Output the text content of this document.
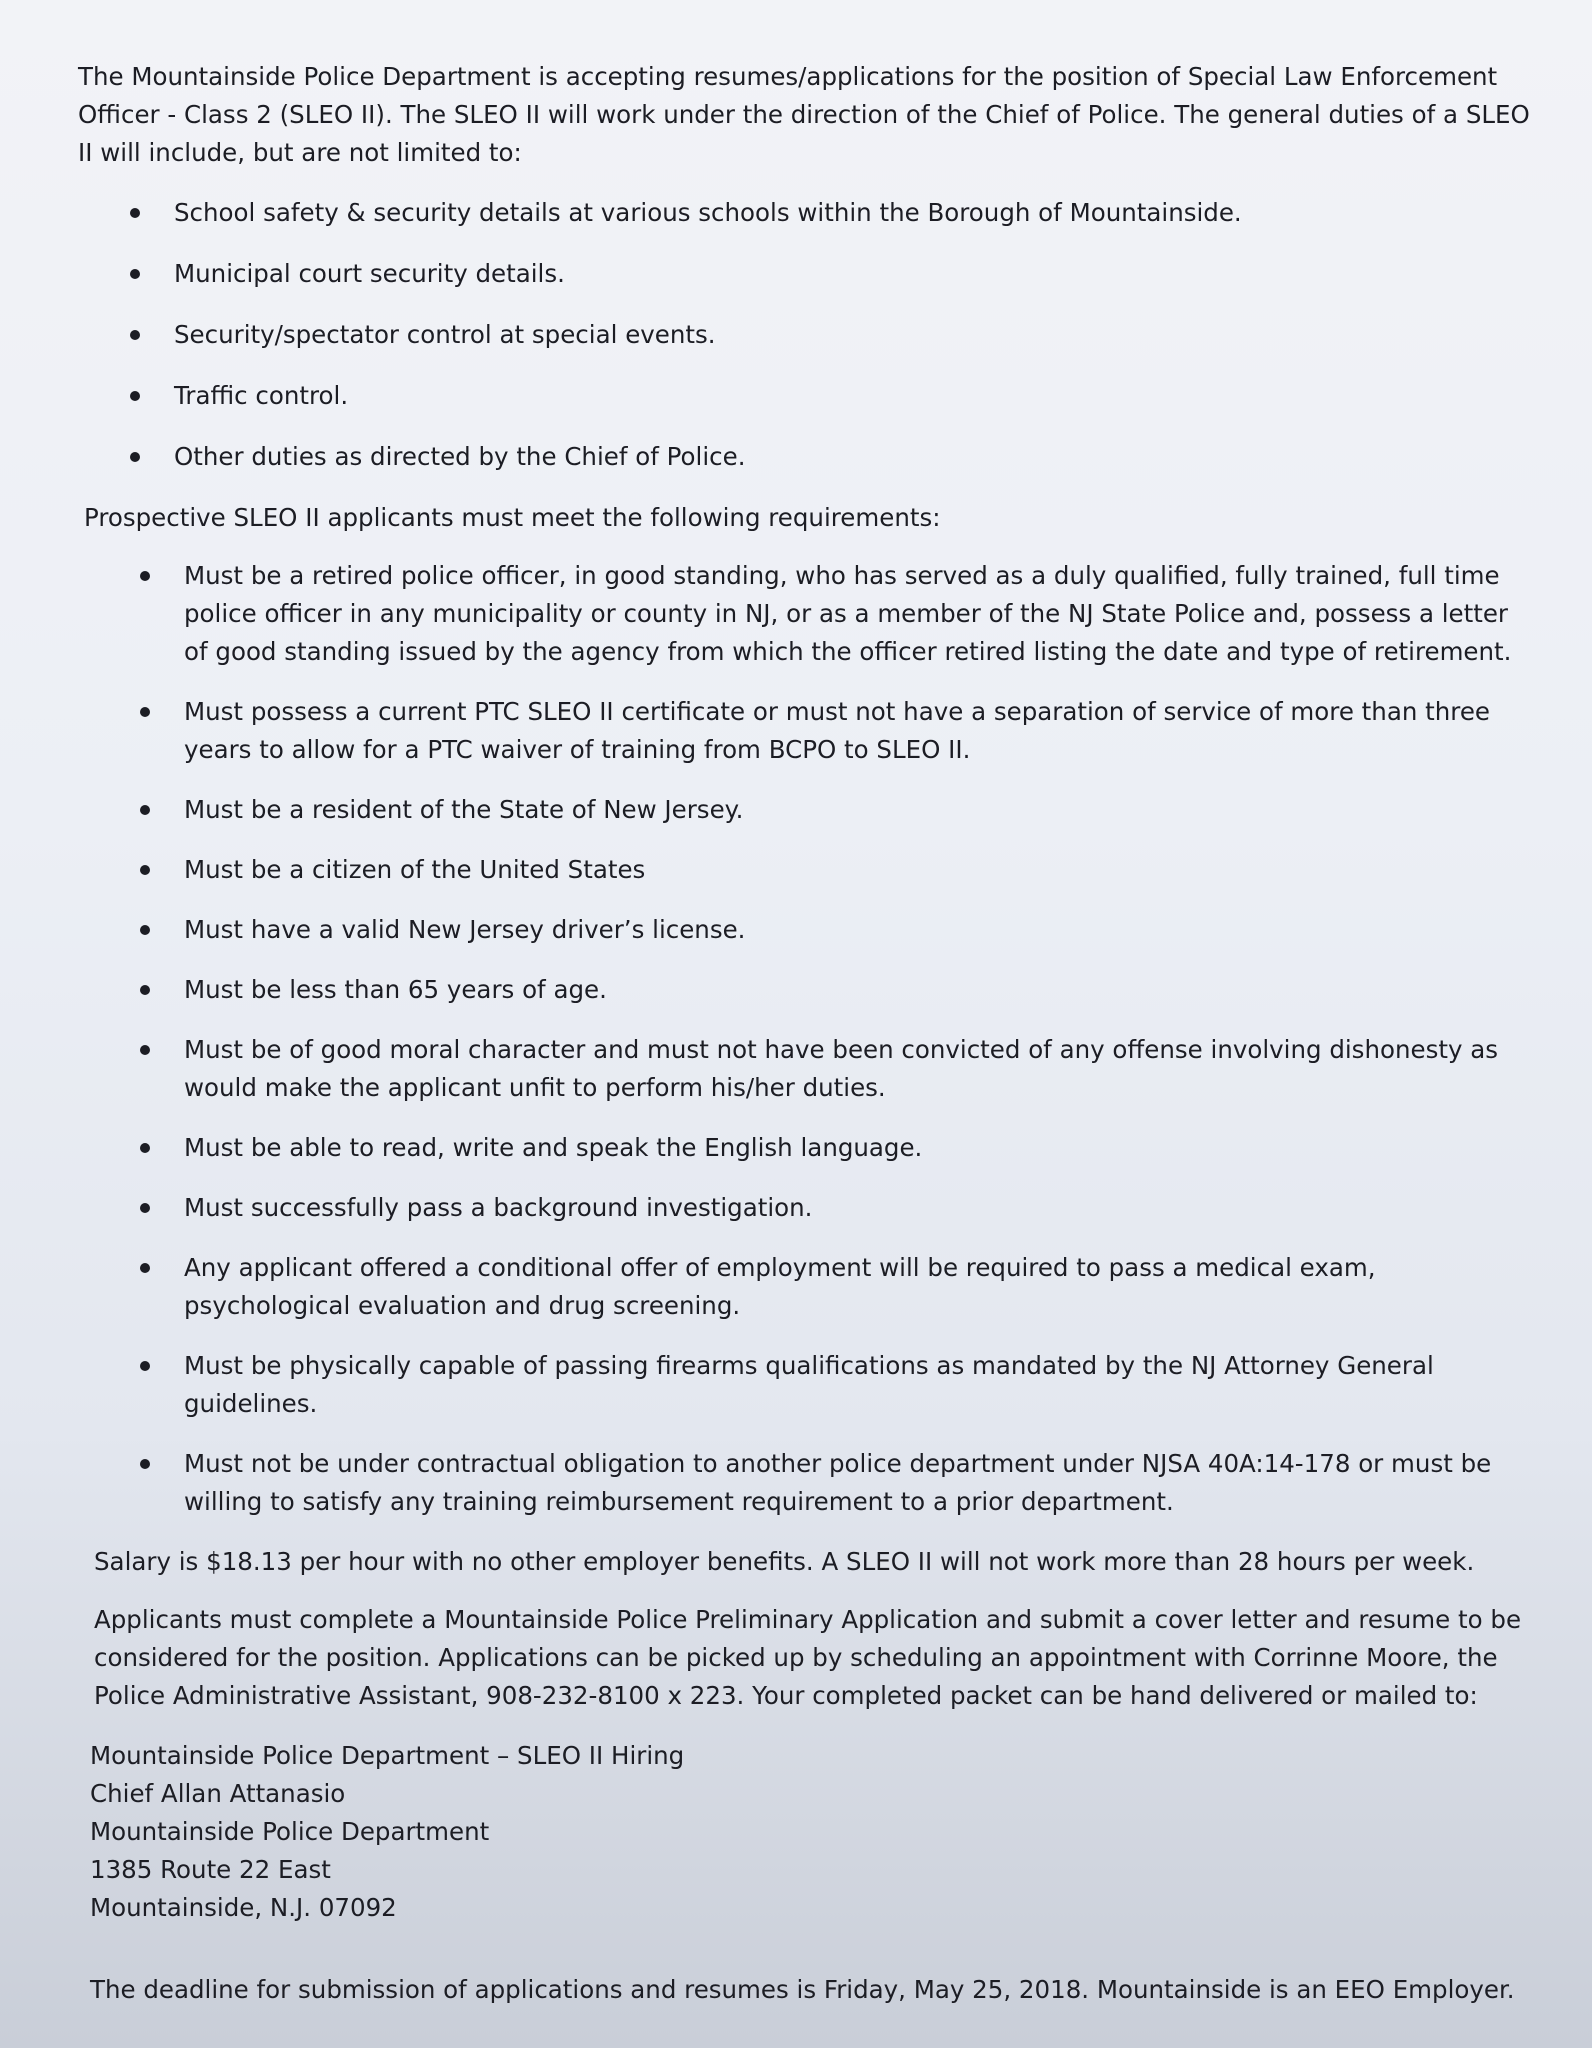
The Mountainside Police Department is accepting resumes/applications for the position of Special Law Enforcement Officer - Class 2 (SLEO II). The SLEO II will work under the direction of the Chief of Police. The general duties of a SLEO II will include, but are not limited to:

School safety & security details at various schools within the Borough of Mountainside.
Municipal court security details.
Security/spectator control at special events.
Traffic control.
Other duties as directed by the Chief of Police.

Prospective SLEO II applicants must meet the following requirements:

Must be a retired police officer, in good standing, who has served as a duly qualified, fully trained, full time police officer in any municipality or county in NJ, or as a member of the NJ State Police and, possess a letter of good standing issued by the agency from which the officer retired listing the date and type of retirement.
Must possess a current PTC SLEO II certificate or must not have a separation of service of more than three years to allow for a PTC waiver of training from BCPO to SLEO II.
Must be a resident of the State of New Jersey.
Must be a citizen of the United States
Must have a valid New Jersey driver’s license.
Must be less than 65 years of age.
Must be of good moral character and must not have been convicted of any offense involving dishonesty as would make the applicant unfit to perform his/her duties.
Must be able to read, write and speak the English language.
Must successfully pass a background investigation.
Any applicant offered a conditional offer of employment will be required to pass a medical exam, psychological evaluation and drug screening.
Must be physically capable of passing firearms qualifications as mandated by the NJ Attorney General guidelines.
Must not be under contractual obligation to another police department under NJSA 40A:14-178 or must be willing to satisfy any training reimbursement requirement to a prior department.

Salary is $18.13 per hour with no other employer benefits. A SLEO II will not work more than 28 hours per week.

Applicants must complete a Mountainside Police Preliminary Application and submit a cover letter and resume to be considered for the position. Applications can be picked up by scheduling an appointment with Corrinne Moore, the Police Administrative Assistant, 908-232-8100 x 223. Your completed packet can be hand delivered or mailed to:

Mountainside Police Department – SLEO II Hiring
Chief Allan Attanasio
Mountainside Police Department
1385 Route 22 East
Mountainside, N.J. 07092

The deadline for submission of applications and resumes is Friday, May 25, 2018. Mountainside is an EEO Employer.
